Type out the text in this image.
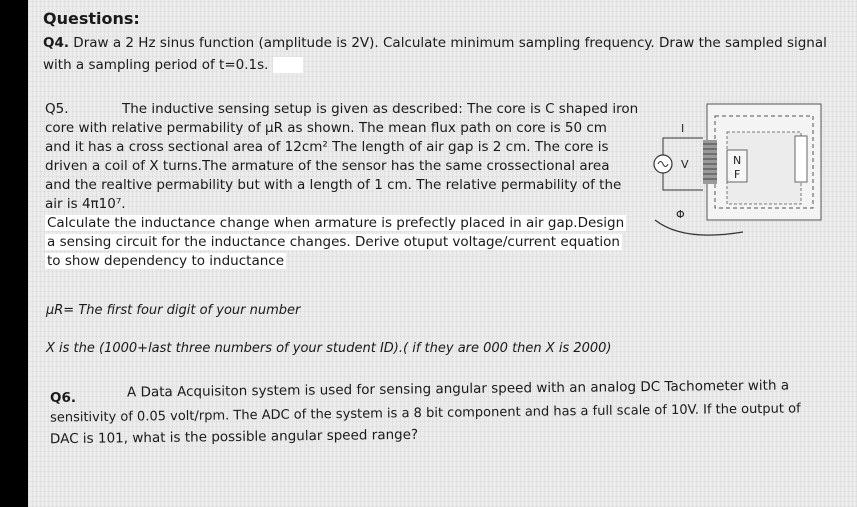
Questions:
Q4. Draw a 2 Hz sinus function (amplitude is 2V). Calculate minimum sampling frequency. Draw the sampled signal
with a sampling period of t=0.1s.
Q5.	The inductive sensing setup is given as described: The core is C shaped iron
core with relative permability of μR as shown. The mean flux path on core is 50 cm
and it has a cross sectional area of 12cm² The length of air gap is 2 cm. The core is
driven a coil of X turns.The armature of the sensor has the same crossectional area
and the realtive permability but with a length of 1 cm. The relative permability of the
air is 4π10⁷.
Calculate the inductance change when armature is prefectly placed in air gap.Design
a sensing circuit for the inductance changes. Derive otuput voltage/current equation
to show dependency to inductance
μR= The first four digit of your number
X is the (1000+last three numbers of your student ID).( if they are 000 then X is 2000)
I
V
Φ
N
F
Q6.	A Data Acquisiton system is used for sensing angular speed with an analog DC Tachometer with a
sensitivity of 0.05 volt/rpm. The ADC of the system is a 8 bit component and has a full scale of 10V. If the output of
DAC is 101, what is the possible angular speed range?
